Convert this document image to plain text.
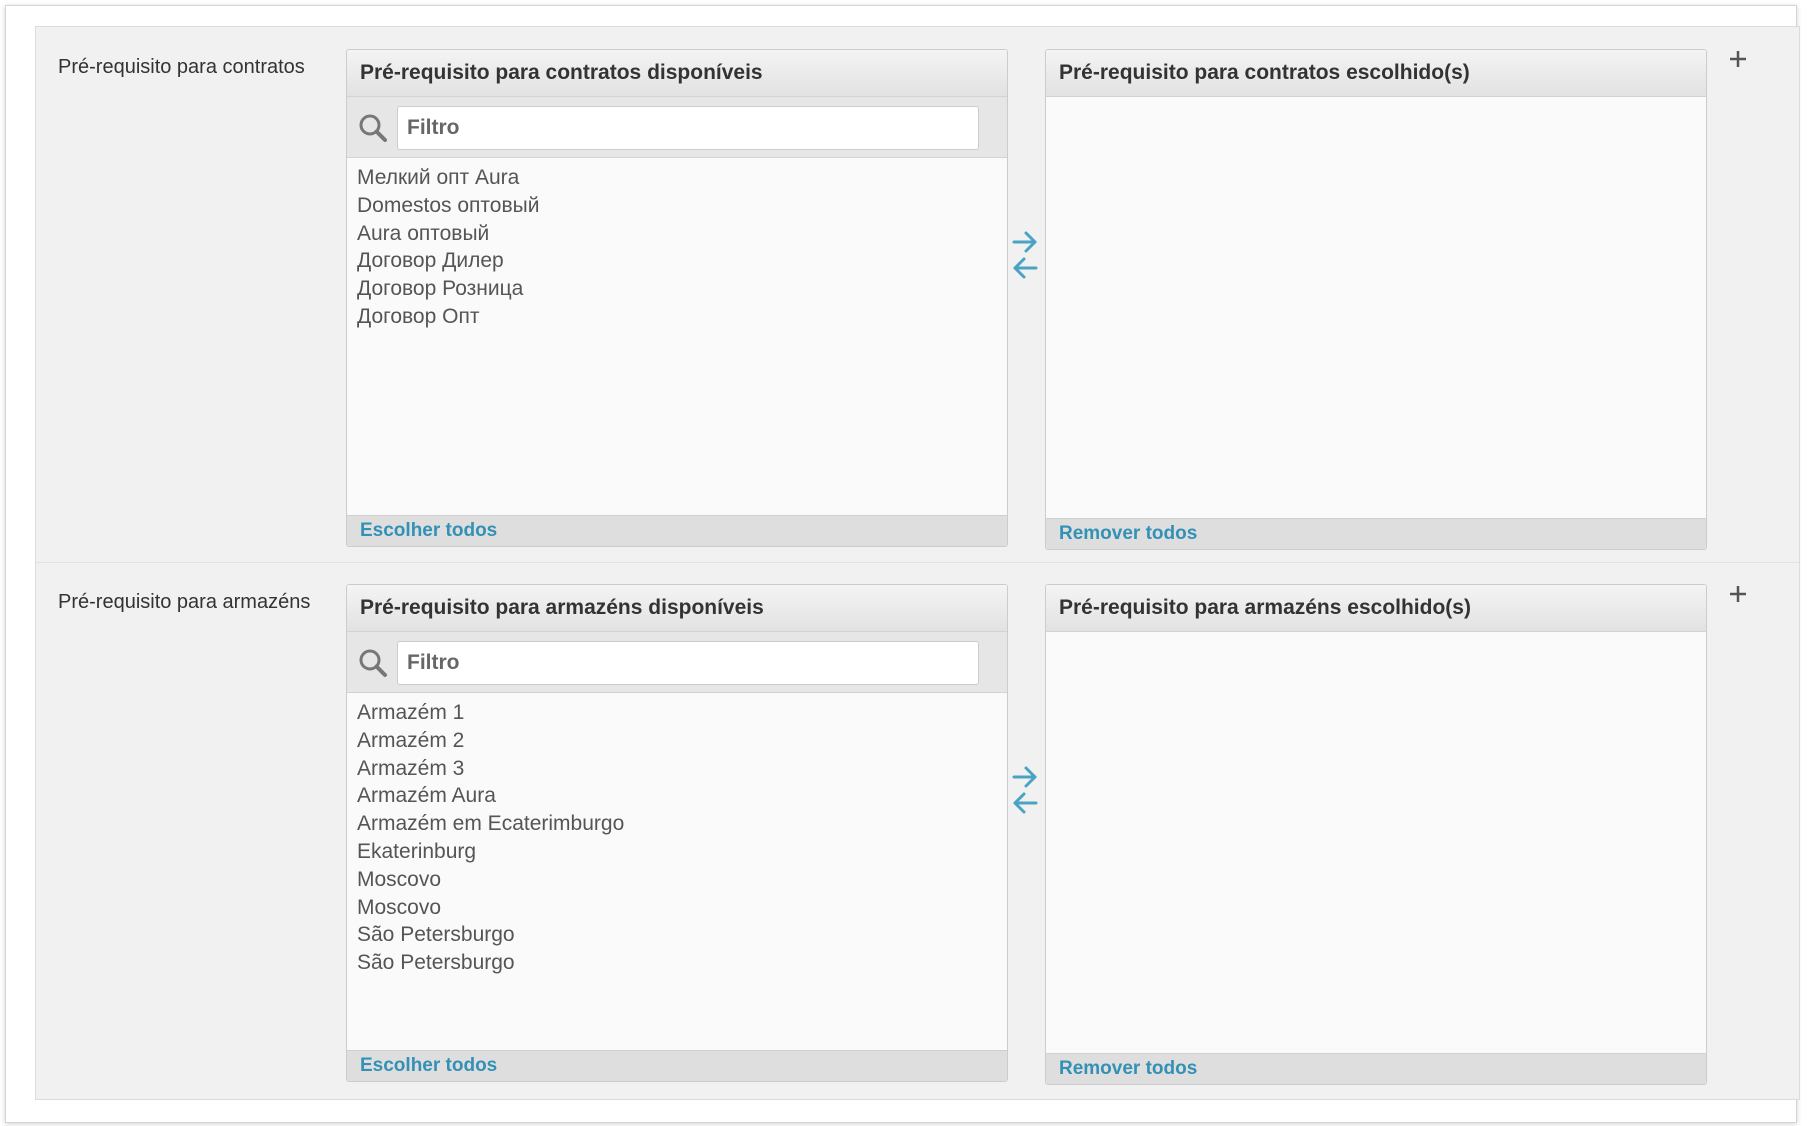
Pré-requisito para contratos	Pré-requisito para contratos disponíveis
Filtro
Мелкий опт Aura
Domestos оптовый
Aura оптовый
Договор Дилер
Договор Розница
Договор Опт
Escolher todos
Pré-requisito para contratos escolhido(s)
Remover todos
Pré-requisito para armazéns	Pré-requisito para armazéns disponíveis
Filtro
Armazém 1
Armazém 2
Armazém 3
Armazém Aura
Armazém em Ecaterimburgo
Ekaterinburg
Moscovo
Moscovo
São Petersburgo
São Petersburgo
Escolher todos
Pré-requisito para armazéns escolhido(s)
Remover todos
